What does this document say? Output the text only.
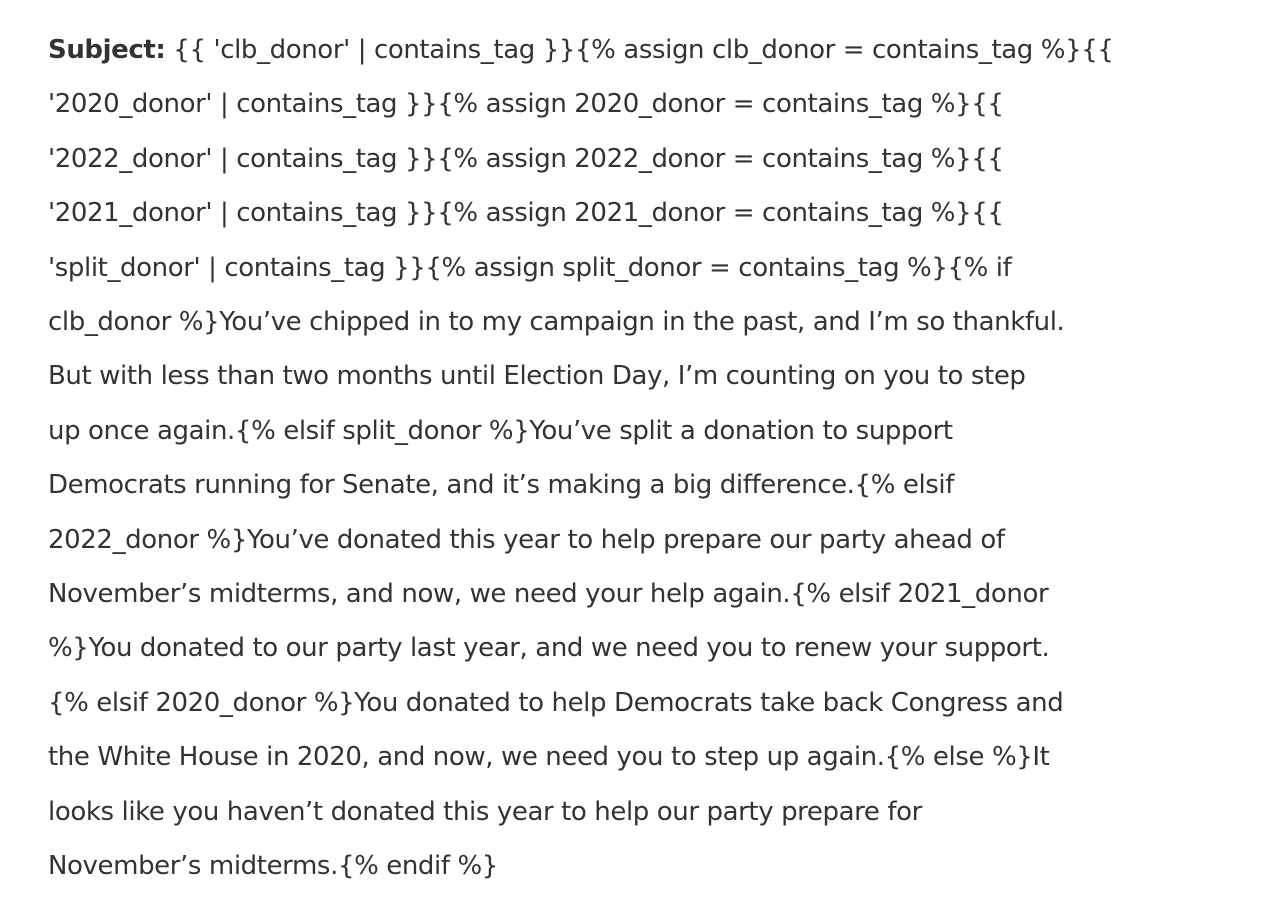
Subject: {{ 'clb_donor' | contains_tag }}{% assign clb_donor = contains_tag %}{{
'2020_donor' | contains_tag }}{% assign 2020_donor = contains_tag %}{{
'2022_donor' | contains_tag }}{% assign 2022_donor = contains_tag %}{{
'2021_donor' | contains_tag }}{% assign 2021_donor = contains_tag %}{{
'split_donor' | contains_tag }}{% assign split_donor = contains_tag %}{% if
clb_donor %}You’ve chipped in to my campaign in the past, and I’m so thankful.
But with less than two months until Election Day, I’m counting on you to step
up once again.{% elsif split_donor %}You’ve split a donation to support
Democrats running for Senate, and it’s making a big difference.{% elsif
2022_donor %}You’ve donated this year to help prepare our party ahead of
November’s midterms, and now, we need your help again.{% elsif 2021_donor
%}You donated to our party last year, and we need you to renew your support.
{% elsif 2020_donor %}You donated to help Democrats take back Congress and
the White House in 2020, and now, we need you to step up again.{% else %}It
looks like you haven’t donated this year to help our party prepare for
November’s midterms.{% endif %}
